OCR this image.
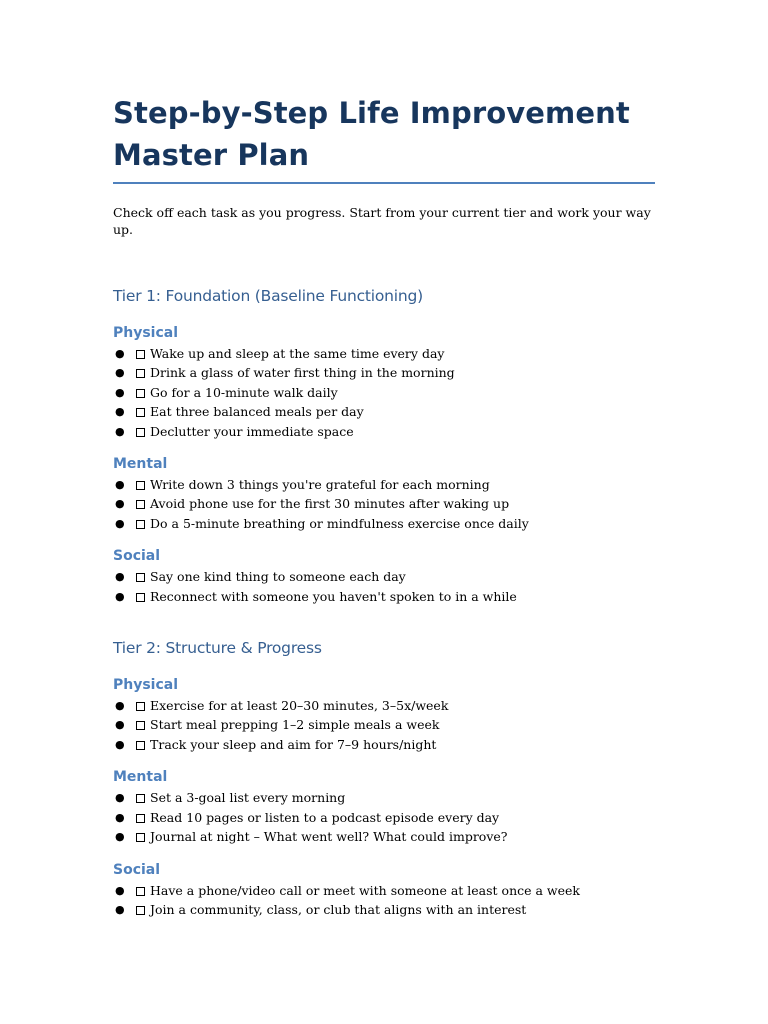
Step-by-Step Life Improvement Master Plan

Check off each task as you progress. Start from your current tier and work your way up.

Tier 1: Foundation (Baseline Functioning)
Physical
● Wake up and sleep at the same time every day
● Drink a glass of water first thing in the morning
● Go for a 10-minute walk daily
● Eat three balanced meals per day
● Declutter your immediate space
Mental
● Write down 3 things you're grateful for each morning
● Avoid phone use for the first 30 minutes after waking up
● Do a 5-minute breathing or mindfulness exercise once daily
Social
● Say one kind thing to someone each day
● Reconnect with someone you haven't spoken to in a while
Tier 2: Structure & Progress
Physical
● Exercise for at least 20–30 minutes, 3–5x/week
● Start meal prepping 1–2 simple meals a week
● Track your sleep and aim for 7–9 hours/night
Mental
● Set a 3-goal list every morning
● Read 10 pages or listen to a podcast episode every day
● Journal at night – What went well? What could improve?
Social
● Have a phone/video call or meet with someone at least once a week
● Join a community, class, or club that aligns with an interest
